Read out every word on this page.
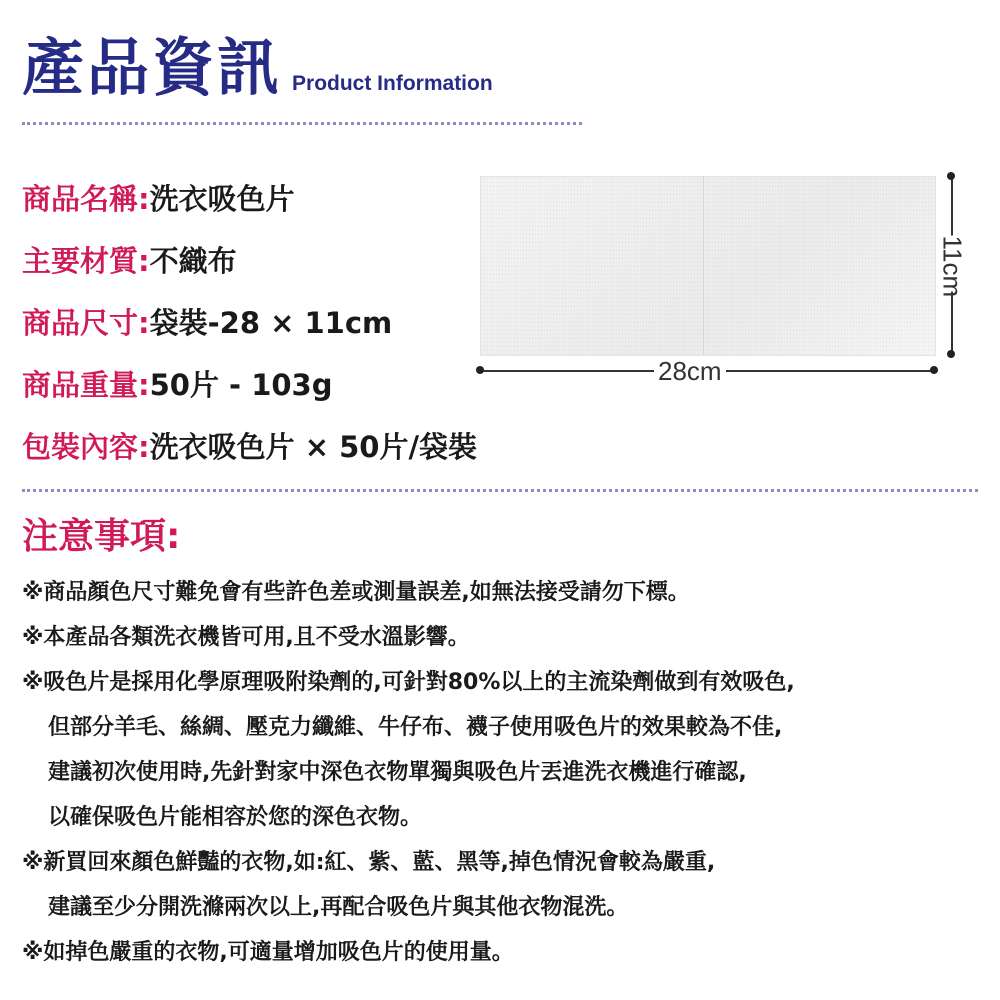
產品資訊 Product Information
商品名稱: 洗衣吸色片
主要材質: 不織布
商品尺寸: 袋裝-28 × 11cm
商品重量: 50片 - 103g
包裝內容: 洗衣吸色片 × 50片/袋裝
28cm
11cm
注意事項:
※商品顏色尺寸難免會有些許色差或測量誤差,如無法接受請勿下標。
※本產品各類洗衣機皆可用,且不受水溫影響。
※吸色片是採用化學原理吸附染劑的,可針對80%以上的主流染劑做到有效吸色,
但部分羊毛、絲綢、壓克力纖維、牛仔布、襪子使用吸色片的效果較為不佳,
建議初次使用時,先針對家中深色衣物單獨與吸色片丟進洗衣機進行確認,
以確保吸色片能相容於您的深色衣物。
※新買回來顏色鮮豔的衣物,如:紅、紫、藍、黑等,掉色情況會較為嚴重,
建議至少分開洗滌兩次以上,再配合吸色片與其他衣物混洗。
※如掉色嚴重的衣物,可適量增加吸色片的使用量。
